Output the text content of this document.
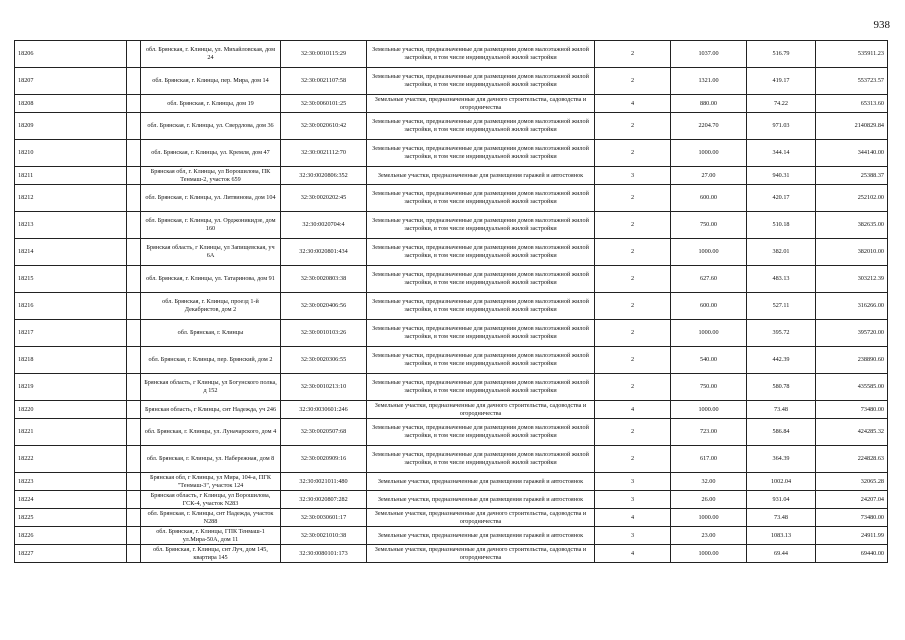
938
18206		обл. Брянская, г. Клинцы, ул. Михайловская, дом 24	32:30:0010115:29	Земельные участки, предназначенные для размещения домов малоэтажной жилой застройки, в том числе индивидуальной жилой застройки	2	1037.00	516.79	535911.23
18207		обл. Брянская, г. Клинцы, пер. Мира, дом 14	32:30:0021107:58	Земельные участки, предназначенные для размещения домов малоэтажной жилой застройки, в том числе индивидуальной жилой застройки	2	1321.00	419.17	553723.57
18208		обл. Брянская, г. Клинцы, дом 19	32:30:0060101:25	Земельные участки, предназначенные для дачного строительства, садоводства и огородничества	4	880.00	74.22	65313.60
18209		обл. Брянская, г. Клинцы, ул. Свердлова, дом 36	32:30:0020610:42	Земельные участки, предназначенные для размещения домов малоэтажной жилой застройки, в том числе индивидуальной жилой застройки	2	2204.70	971.03	2140829.84
18210		обл. Брянская, г. Клинцы, ул. Кремля, дом 47	32:30:0021112:70	Земельные участки, предназначенные для размещения домов малоэтажной жилой застройки, в том числе индивидуальной жилой застройки	2	1000.00	344.14	344140.00
18211		Брянская обл, г. Клинцы, ул Ворошилова, ПК Тенмаш-2, участок 659	32:30:0020806:352	Земельные участки, предназначенные для размещения гаражей и автостоянок	3	27.00	940.31	25388.37
18212		обл. Брянская, г. Клинцы, ул. Литвинова, дом 104	32:30:0020202:45	Земельные участки, предназначенные для размещения домов малоэтажной жилой застройки, в том числе индивидуальной жилой застройки	2	600.00	420.17	252102.00
18213		обл. Брянская, г. Клинцы, ул. Орджоникидзе, дом 160	32:30:0020704:4	Земельные участки, предназначенные для размещения домов малоэтажной жилой застройки, в том числе индивидуальной жилой застройки	2	750.00	510.18	382635.00
18214		Брянская область, г Клинцы, ул Запищевская, уч 6А	32:30:0020801:434	Земельные участки, предназначенные для размещения домов малоэтажной жилой застройки, в том числе индивидуальной жилой застройки	2	1000.00	382.01	382010.00
18215		обл. Брянская, г. Клинцы, ул. Татаринова, дом 91	32:30:0020803:38	Земельные участки, предназначенные для размещения домов малоэтажной жилой застройки, в том числе индивидуальной жилой застройки	2	627.60	483.13	303212.39
18216		обл. Брянская, г. Клинцы, проезд 1-й Декабристов, дом 2	32:30:0020406:56	Земельные участки, предназначенные для размещения домов малоэтажной жилой застройки, в том числе индивидуальной жилой застройки	2	600.00	527.11	316266.00
18217		обл. Брянская, г. Клинцы	32:30:0010103:26	Земельные участки, предназначенные для размещения домов малоэтажной жилой застройки, в том числе индивидуальной жилой застройки	2	1000.00	395.72	395720.00
18218		обл. Брянская, г. Клинцы, пер. Брянский, дом 2	32:30:0020306:55	Земельные участки, предназначенные для размещения домов малоэтажной жилой застройки, в том числе индивидуальной жилой застройки	2	540.00	442.39	238890.60
18219		Брянская область, г Клинцы, ул Богунского полка, д 152	32:30:0010213:10	Земельные участки, предназначенные для размещения домов малоэтажной жилой застройки, в том числе индивидуальной жилой застройки	2	750.00	580.78	435585.00
18220		Брянская область, г Клинцы, снт Надежда, уч 246	32:30:0030601:246	Земельные участки, предназначенные для дачного строительства, садоводства и огородничества	4	1000.00	73.48	73480.00
18221		обл. Брянская, г. Клинцы, ул. Луначарского, дом 4	32:30:0020507:68	Земельные участки, предназначенные для размещения домов малоэтажной жилой застройки, в том числе индивидуальной жилой застройки	2	723.00	586.84	424285.32
18222		обл. Брянская, г. Клинцы, ул. Набережная, дом 8	32:30:0020909:16	Земельные участки, предназначенные для размещения домов малоэтажной жилой застройки, в том числе индивидуальной жилой застройки	2	617.00	364.39	224828.63
18223		Брянская обл, г Клинцы, ул Мира, 104-а, ПГК "Тенмаш-3", участок 124	32:30:0021011:480	Земельные участки, предназначенные для размещения гаражей и автостоянок	3	32.00	1002.04	32065.28
18224		Брянская область, г Клинцы, ул Ворошилова, ГСК-4, участок N283	32:30:0020807:282	Земельные участки, предназначенные для размещения гаражей и автостоянок	3	26.00	931.04	24207.04
18225		обл. Брянская, г. Клинцы, снт Надежда, участок N288	32:30:0030601:17	Земельные участки, предназначенные для дачного строительства, садоводства и огородничества	4	1000.00	73.48	73480.00
18226		обл. Брянская, г. Клинцы, ГПК Тенмаш-1 ул.Мира-50А, дом 11	32:30:0021010:38	Земельные участки, предназначенные для размещения гаражей и автостоянок	3	23.00	1083.13	24911.99
18227		обл. Брянская, г. Клинцы, снт Луч, дом 145, квартира 145	32:30:0080101:173	Земельные участки, предназначенные для дачного строительства, садоводства и огородничества	4	1000.00	69.44	69440.00
